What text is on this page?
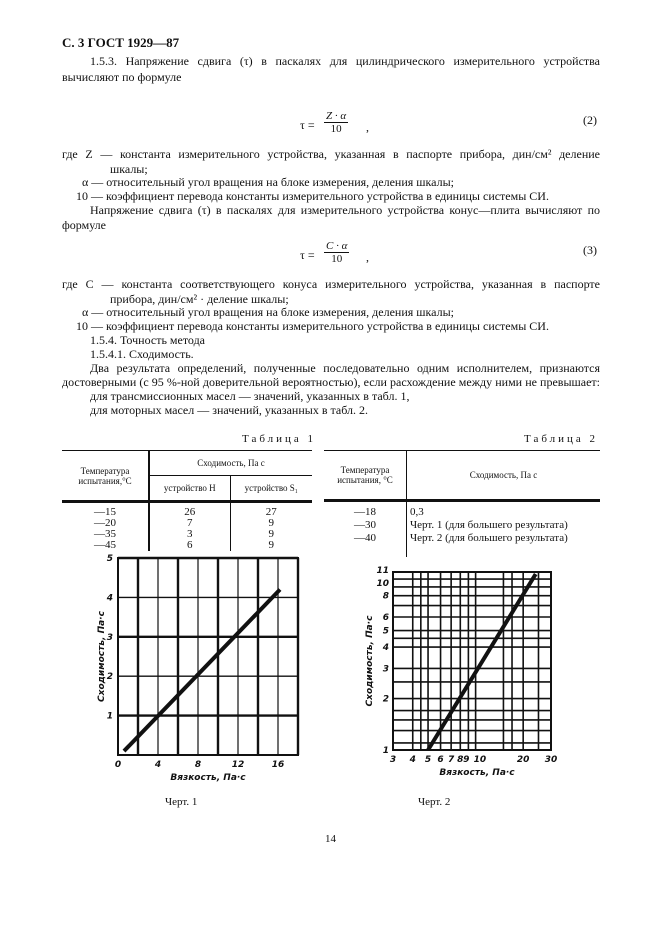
С. 3 ГОСТ 1929—87
1.5.3. Напряжение сдвига (τ) в паскалях для цилиндрического измерительного устройства
вычисляют по формуле
$\tau = \frac{Z \cdot \alpha}{10}$ ,	(2)
где Z — константа измерительного устройства, указанная в паспорте прибора, дин/см² деление
шкалы;
α — относительный угол вращения на блоке измерения, деления шкалы;
10 — коэффициент перевода константы измерительного устройства в единицы системы СИ.
Напряжение сдвига (τ) в паскалях для измерительного устройства конус—плита вычисляют по
формуле
$\tau = \frac{C \cdot \alpha}{10}$ ,	(3)
где С — константа соответствующего конуса измерительного устройства, указанная в паспорте
прибора, дин/см² · деление шкалы;
α — относительный угол вращения на блоке измерения, деления шкалы;
10 — коэффициент перевода константы измерительного устройства в единицы системы СИ.
1.5.4. Точность метода
1.5.4.1. Сходимость.
Два результата определений, полученные последовательно одним исполнителем, признаются
достоверными (с 95 %-ной доверительной вероятностью), если расхождение между ними не превышает:
для трансмиссионных масел — значений, указанных в табл. 1,
для моторных масел — значений, указанных в табл. 2.
Таблица 1
Температура испытания,°С	Сходимость, Па с	
	устройство Н	устройство S₁
—15	26	27
—20	7	9
—35	3	9
—45	6	9
Таблица 2
Температура испытания, °С	Сходимость, Па с
—18	0,3
—30	Черт. 1 (для большего результата)
—40	Черт. 2 (для большего результата)

0	4	8	12	16
1
2
3
4
5
Вязкость, Па·с
Сходимость, Па·с
3 4 5 6 7 8 9 10	20 30
1
2
3
4
5
6
8
10
11
Вязкость, Па·с
Сходимость, Па·с
Черт. 1	Черт. 2
14
